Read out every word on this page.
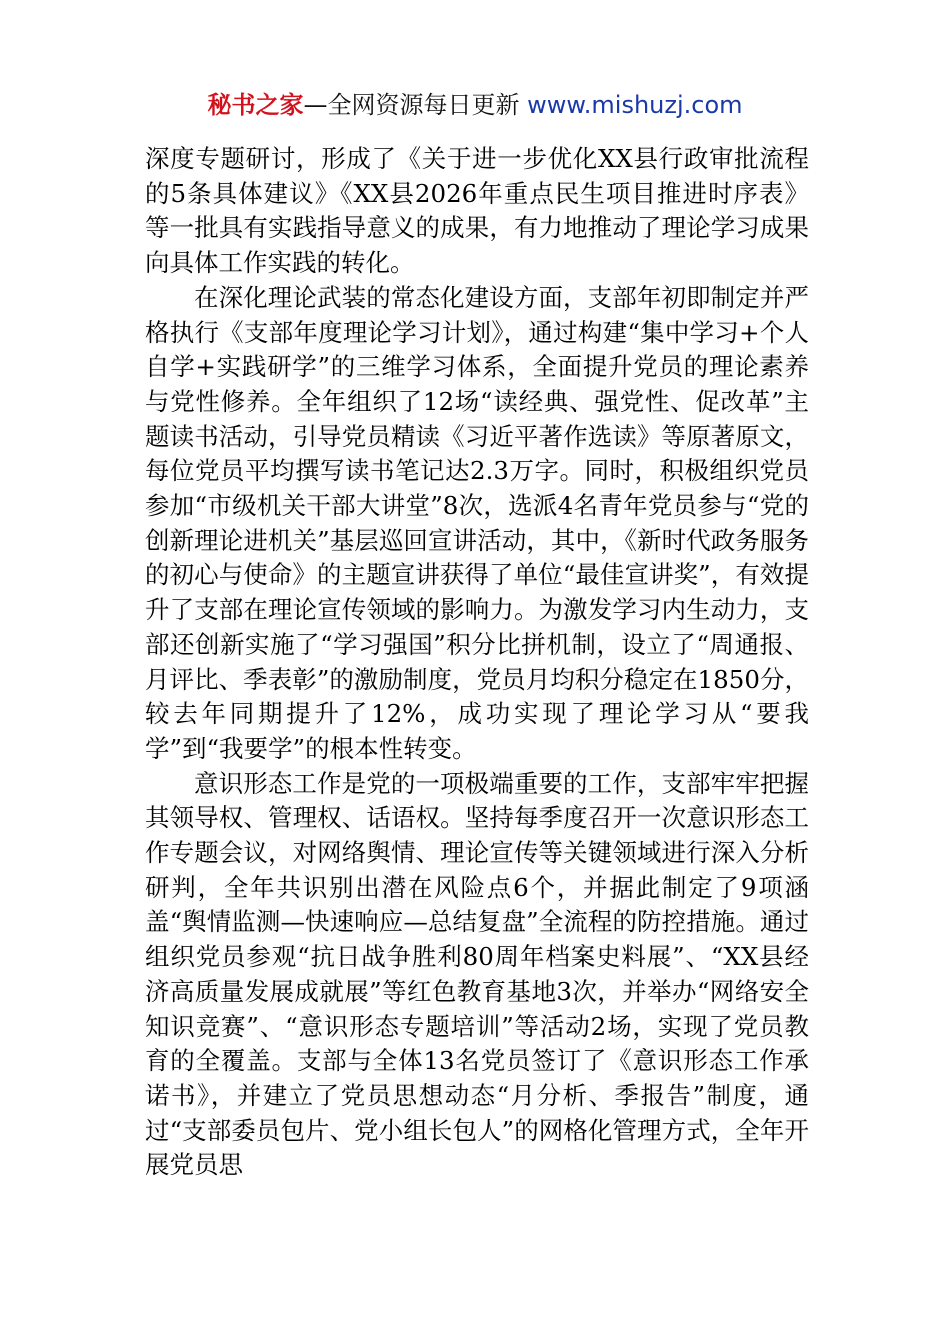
秘书之家—全网资源每日更新 www.mishuzj.com

深度专题研讨，形成了《关于进一步优化XX县行政审批流程的5条具体建议》《XX县2026年重点民生项目推进时序表》等一批具有实践指导意义的成果，有力地推动了理论学习成果向具体工作实践的转化。

在深化理论武装的常态化建设方面，支部年初即制定并严格执行《支部年度理论学习计划》，通过构建“集中学习+个人自学+实践研学”的三维学习体系，全面提升党员的理论素养与党性修养。全年组织了12场“读经典、强党性、促改革”主题读书活动，引导党员精读《习近平著作选读》等原著原文，每位党员平均撰写读书笔记达2.3万字。同时，积极组织党员参加“市级机关干部大讲堂”8次，选派4名青年党员参与“党的创新理论进机关”基层巡回宣讲活动，其中，《新时代政务服务的初心与使命》的主题宣讲获得了单位“最佳宣讲奖”，有效提升了支部在理论宣传领域的影响力。为激发学习内生动力，支部还创新实施了“学习强国”积分比拼机制，设立了“周通报、月评比、季表彰”的激励制度，党员月均积分稳定在1850分，较去年同期提升了12%，成功实现了理论学习从“要我学”到“我要学”的根本性转变。

意识形态工作是党的一项极端重要的工作，支部牢牢把握其领导权、管理权、话语权。坚持每季度召开一次意识形态工作专题会议，对网络舆情、理论宣传等关键领域进行深入分析研判，全年共识别出潜在风险点6个，并据此制定了9项涵盖“舆情监测—快速响应—总结复盘”全流程的防控措施。通过组织党员参观“抗日战争胜利80周年档案史料展”、“XX县经济高质量发展成就展”等红色教育基地3次，并举办“网络安全知识竞赛”、“意识形态专题培训”等活动2场，实现了党员教育的全覆盖。支部与全体13名党员签订了《意识形态工作承诺书》，并建立了党员思想动态“月分析、季报告”制度，通过“支部委员包片、党小组长包人”的网格化管理方式，全年开展党员思
